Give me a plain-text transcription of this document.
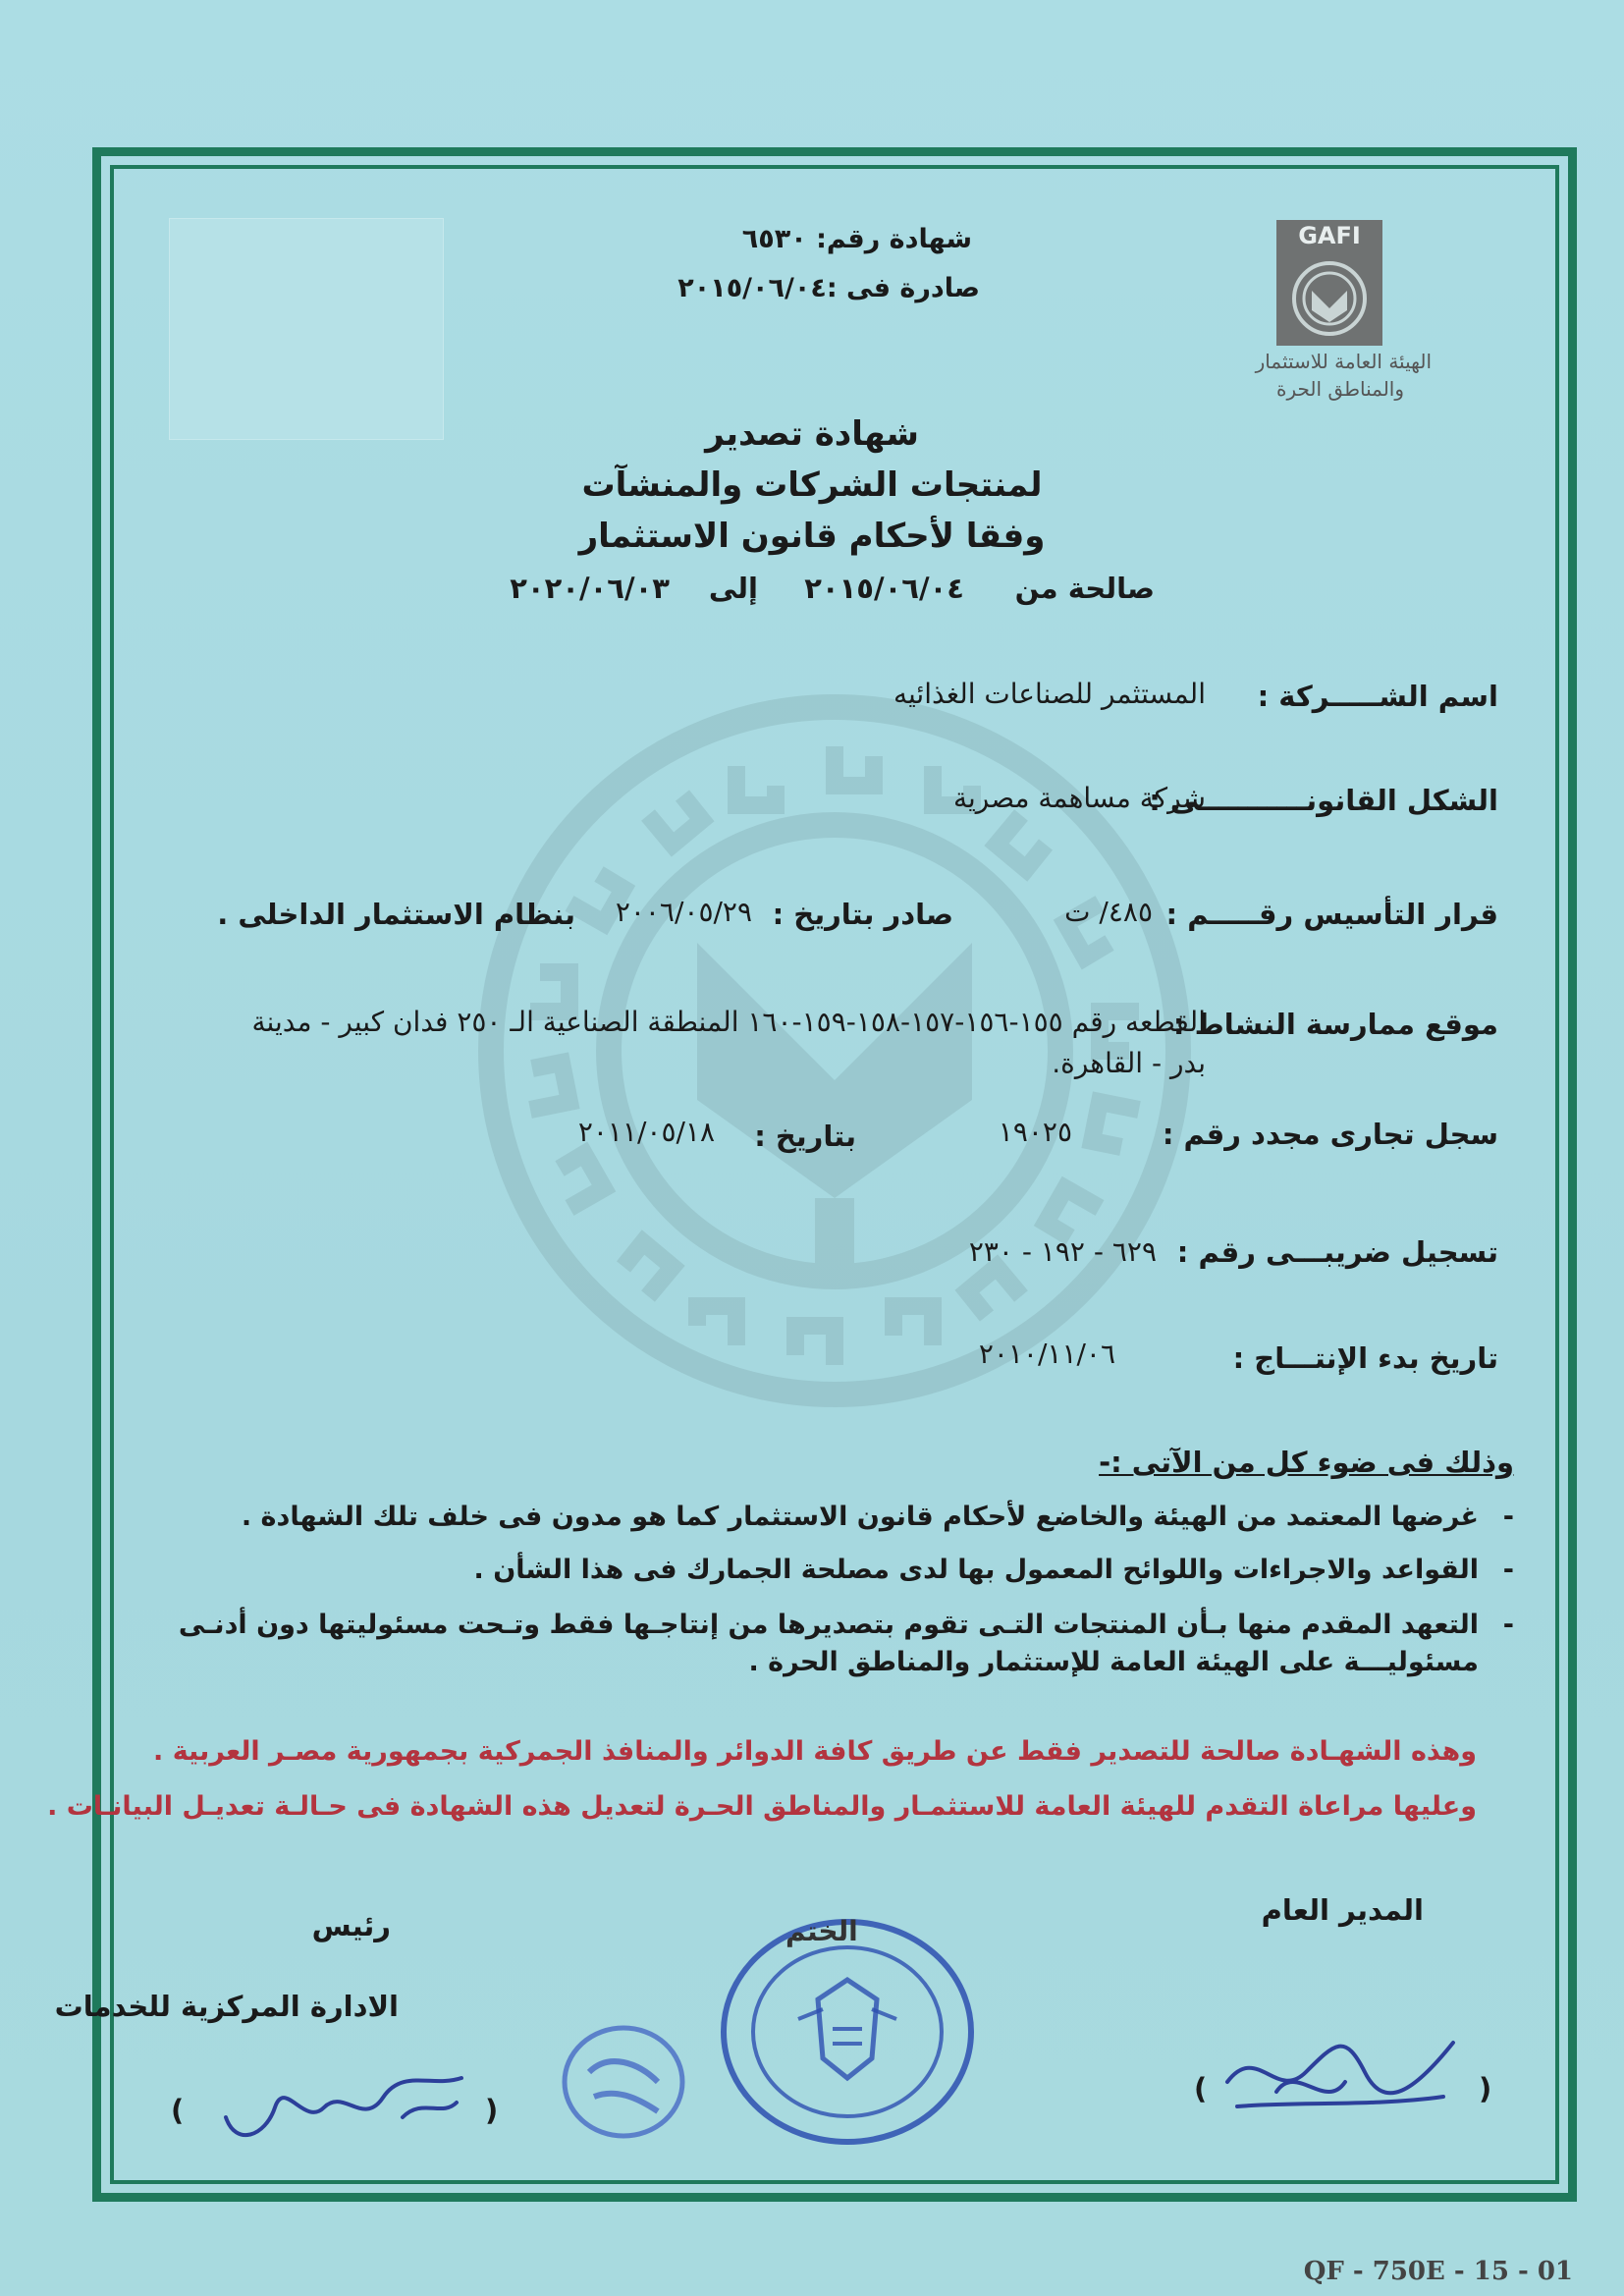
شهادة رقم: ٦٥٣٠
صادرة فى :٢٠١٥/٠٦/٠٤
GAFI
الهيئة العامة للاستثمار
والمناطق الحرة
شهادة تصدير
لمنتجات الشركات والمنشآت
وفقا لأحكام قانون الاستثمار
صالحة من
٢٠١٥/٠٦/٠٤
إلى
٢٠٢٠/٠٦/٠٣
اسم الشـــــركة :
المستثمر للصناعات الغذائيه
الشكل القانونـــــــــــى :
شركة مساهمة مصرية
قرار التأسيس رقـــــم :
٤٨٥/ ت
صادر بتاريخ :
٢٠٠٦/٠٥/٢٩
بنظام الاستثمار الداخلى .
موقع ممارسة النشاط :
القطعه رقم ١٥٥-١٥٦-١٥٧-١٥٨-١٥٩-١٦٠ المنطقة الصناعية الـ ٢٥٠ فدان كبير - مدينة
بدر - القاهرة.
سجل تجارى مجدد رقم :
١٩٠٢٥
بتاريخ :
٢٠١١/٠٥/١٨
تسجيل ضريبـــى رقم :
٦٢٩ - ١٩٢ - ٢٣٠
تاريخ بدء الإنتـــاج :
٢٠١٠/١١/٠٦
وذلك فى ضوء كل من الآتى :-
-
غرضها المعتمد من الهيئة والخاضع لأحكام قانون الاستثمار كما هو مدون فى خلف تلك الشهادة .
-
القواعد والاجراءات واللوائح المعمول بها لدى مصلحة الجمارك فى هذا الشأن .
-
التعهد المقدم منها بـأن المنتجات التـى تقوم بتصديرها من إنتاجـها فقط وتـحت مسئوليتها دون أدنـى مسئوليـــة على الهيئة العامة للإستثمار والمناطق الحرة .
وهذه الشهـادة صالحة للتصدير فقط عن طريق كافة الدوائر والمنافذ الجمركية بجمهورية مصـر العربية .
وعليها مراعاة التقدم للهيئة العامة للاستثمـار والمناطق الحـرة لتعديل هذه الشهادة فى حـالـة تعديـل البيانـات .
المدير العام
(	)
رئيس
الادارة المركزية للخدمات
(	)
الختم
QF - 750E - 15 - 01
